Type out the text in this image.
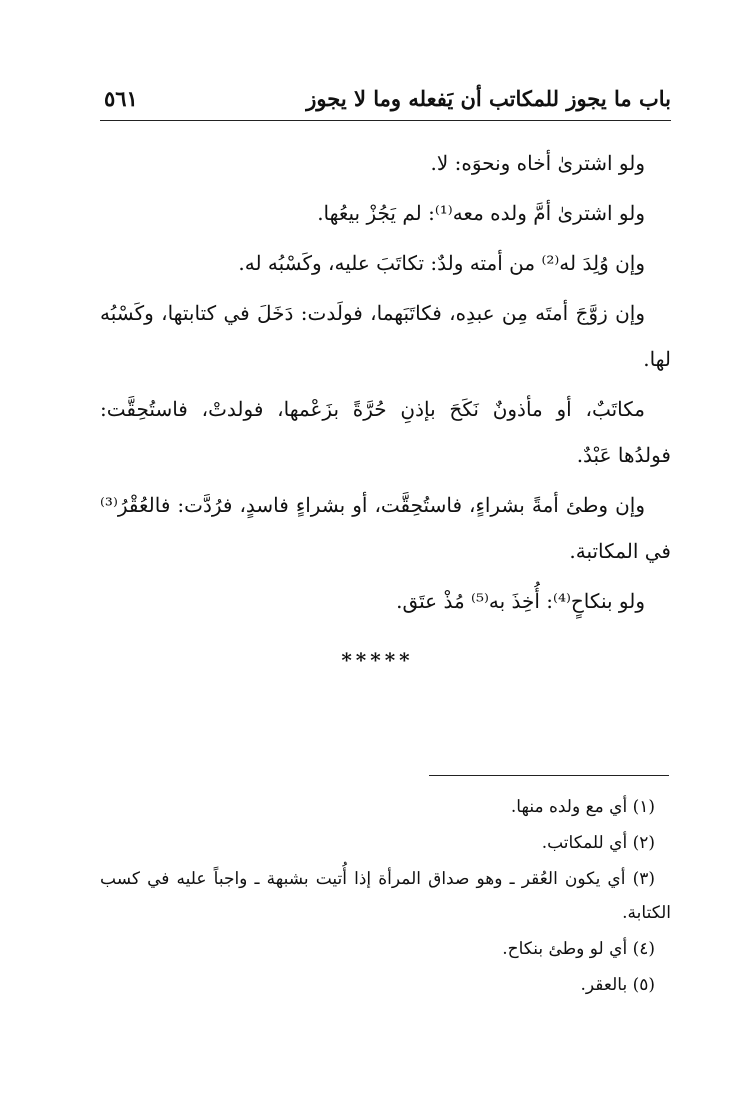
باب ما يجوز للمكاتب أن يَفعله وما لا يجوز
٥٦١

ولو اشترىٰ أخاه ونحوَه: لا.

ولو اشترىٰ أمَّ ولده معه⁽¹⁾: لم يَجُزْ بيعُها.

وإن وُلِدَ له⁽²⁾ من أمته ولدٌ: تكاتَبَ عليه، وكَسْبُه له.

وإن زوَّجَ أمتَه مِن عبدِه، فكاتَبَهما، فولَدت: دَخَلَ في كتابتها، وكَسْبُه لها.

مكاتَبٌ، أو مأذونٌ نَكَحَ بإذنِ حُرَّةً بزَعْمها، فولدتْ، فاستُحِقَّت: فولدُها عَبْدٌ.

وإن وطئ أمةً بشراءٍ، فاستُحِقَّت، أو بشراءٍ فاسدٍ، فرُدَّت: فالعُقْرُ⁽³⁾ في المكاتبة.

ولو بنكاحٍ⁽⁴⁾: أُخِذَ به⁽⁵⁾ مُذْ عتَق.

*****

(١) أي مع ولده منها.

(٢) أي للمكاتب.

(٣) أي يكون العُقر ـ وهو صداق المرأة إذا أُتيت بشبهة ـ واجباً عليه في كسب الكتابة.

(٤) أي لو وطئ بنكاح.

(٥) بالعقر.
